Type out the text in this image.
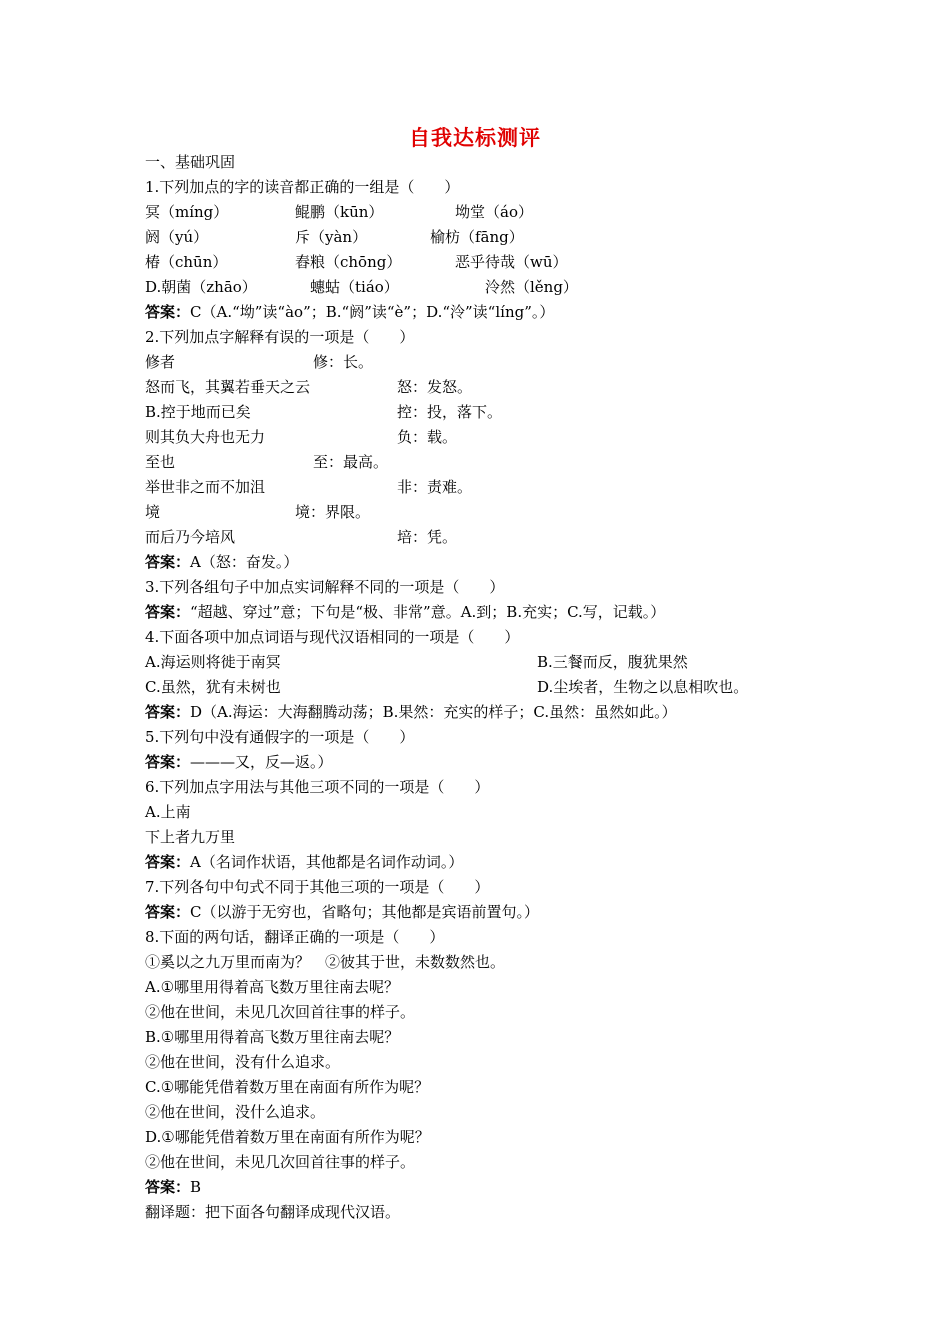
自我达标测评
一、基础巩固
1.下列加点的字的读音都正确的一组是（　　）
冥（míng）	鲲鹏（kūn）	坳堂（áo）
阏（yú）	斥（yàn）	榆枋（fāng）
椿（chūn）	舂粮（chōng）	恶乎待哉（wū）
D.朝菌（zhāo）	蟪蛄（tiáo）	泠然（lěng）
答案：C（A.“坳”读“ào”；B.“阏”读“è”；D.“泠”读“líng”。）
2.下列加点字解释有误的一项是（　　）
修者	修：长。
怒而飞，其翼若垂天之云	怒：发怒。
B.控于地而已矣	控：投，落下。
则其负大舟也无力	负：载。
至也	至：最高。
举世非之而不加沮	非：责难。
境	境：界限。
而后乃今培风	培：凭。
答案：A（怒：奋发。）
3.下列各组句子中加点实词解释不同的一项是（　　）
答案：“超越、穿过”意；下句是“极、非常”意。A.到；B.充实；C.写，记载。）
4.下面各项中加点词语与现代汉语相同的一项是（　　）
A.海运则将徙于南冥	B.三餐而反，腹犹果然
C.虽然，犹有未树也	D.尘埃者，生物之以息相吹也。
答案：D（A.海运：大海翻腾动荡；B.果然：充实的样子；C.虽然：虽然如此。）
5.下列句中没有通假字的一项是（　　）
答案：———又，反—返。）
6.下列加点字用法与其他三项不同的一项是（　　）
A.上南
下上者九万里
答案：A（名词作状语，其他都是名词作动词。）
7.下列各句中句式不同于其他三项的一项是（　　）
答案：C（以游于无穷也，省略句；其他都是宾语前置句。）
8.下面的两句话，翻译正确的一项是（　　）
①奚以之九万里而南为？　②彼其于世，未数数然也。
A.①哪里用得着高飞数万里往南去呢？
②他在世间，未见几次回首往事的样子。
B.①哪里用得着高飞数万里往南去呢？
②他在世间，没有什么追求。
C.①哪能凭借着数万里在南面有所作为呢？
②他在世间，没什么追求。
D.①哪能凭借着数万里在南面有所作为呢？
②他在世间，未见几次回首往事的样子。
答案：B
翻译题：把下面各句翻译成现代汉语。
